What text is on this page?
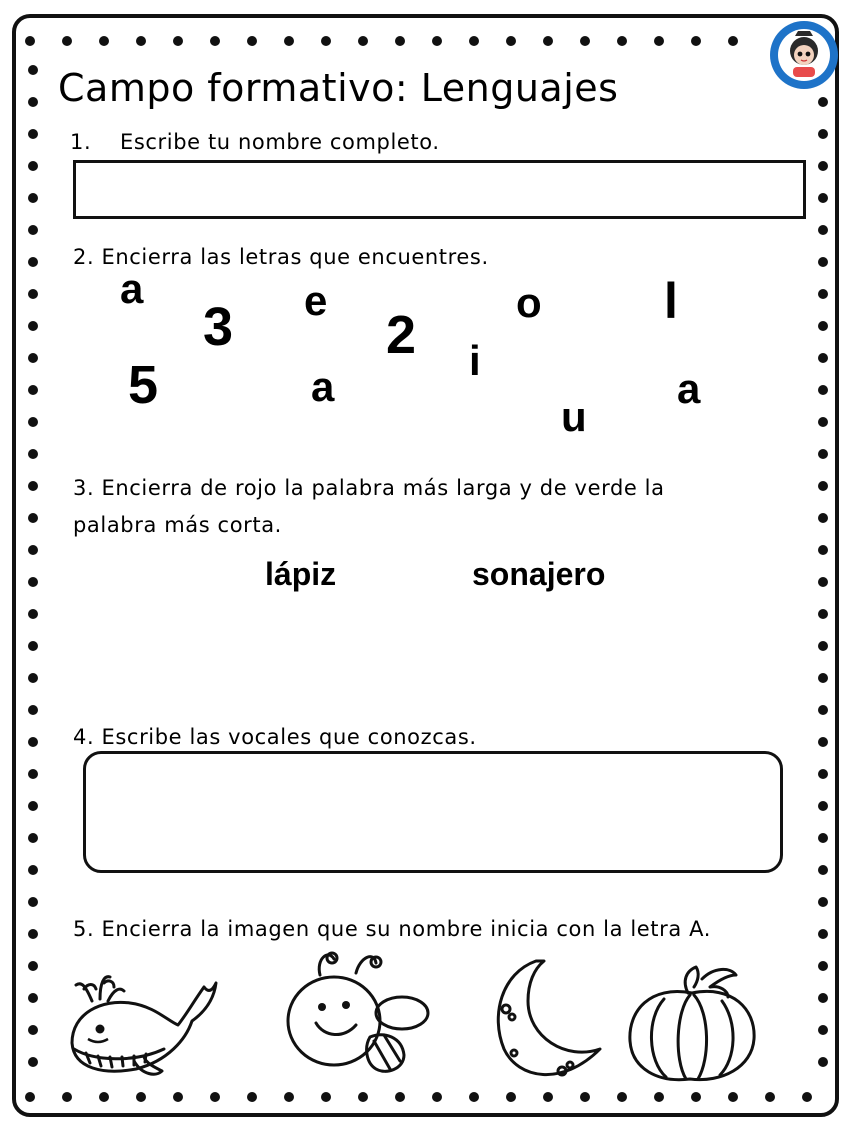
Campo formativo: Lenguajes
1. Escribe tu nombre completo.
2. Encierra las letras que encuentres.
a
3 e
2
o l
5	a
i
a
u
3. Encierra de rojo la palabra más larga y de verde la
palabra más corta.
lápiz	sonajero
4. Escribe las vocales que conozcas.
5. Encierra la imagen que su nombre inicia con la letra A.
